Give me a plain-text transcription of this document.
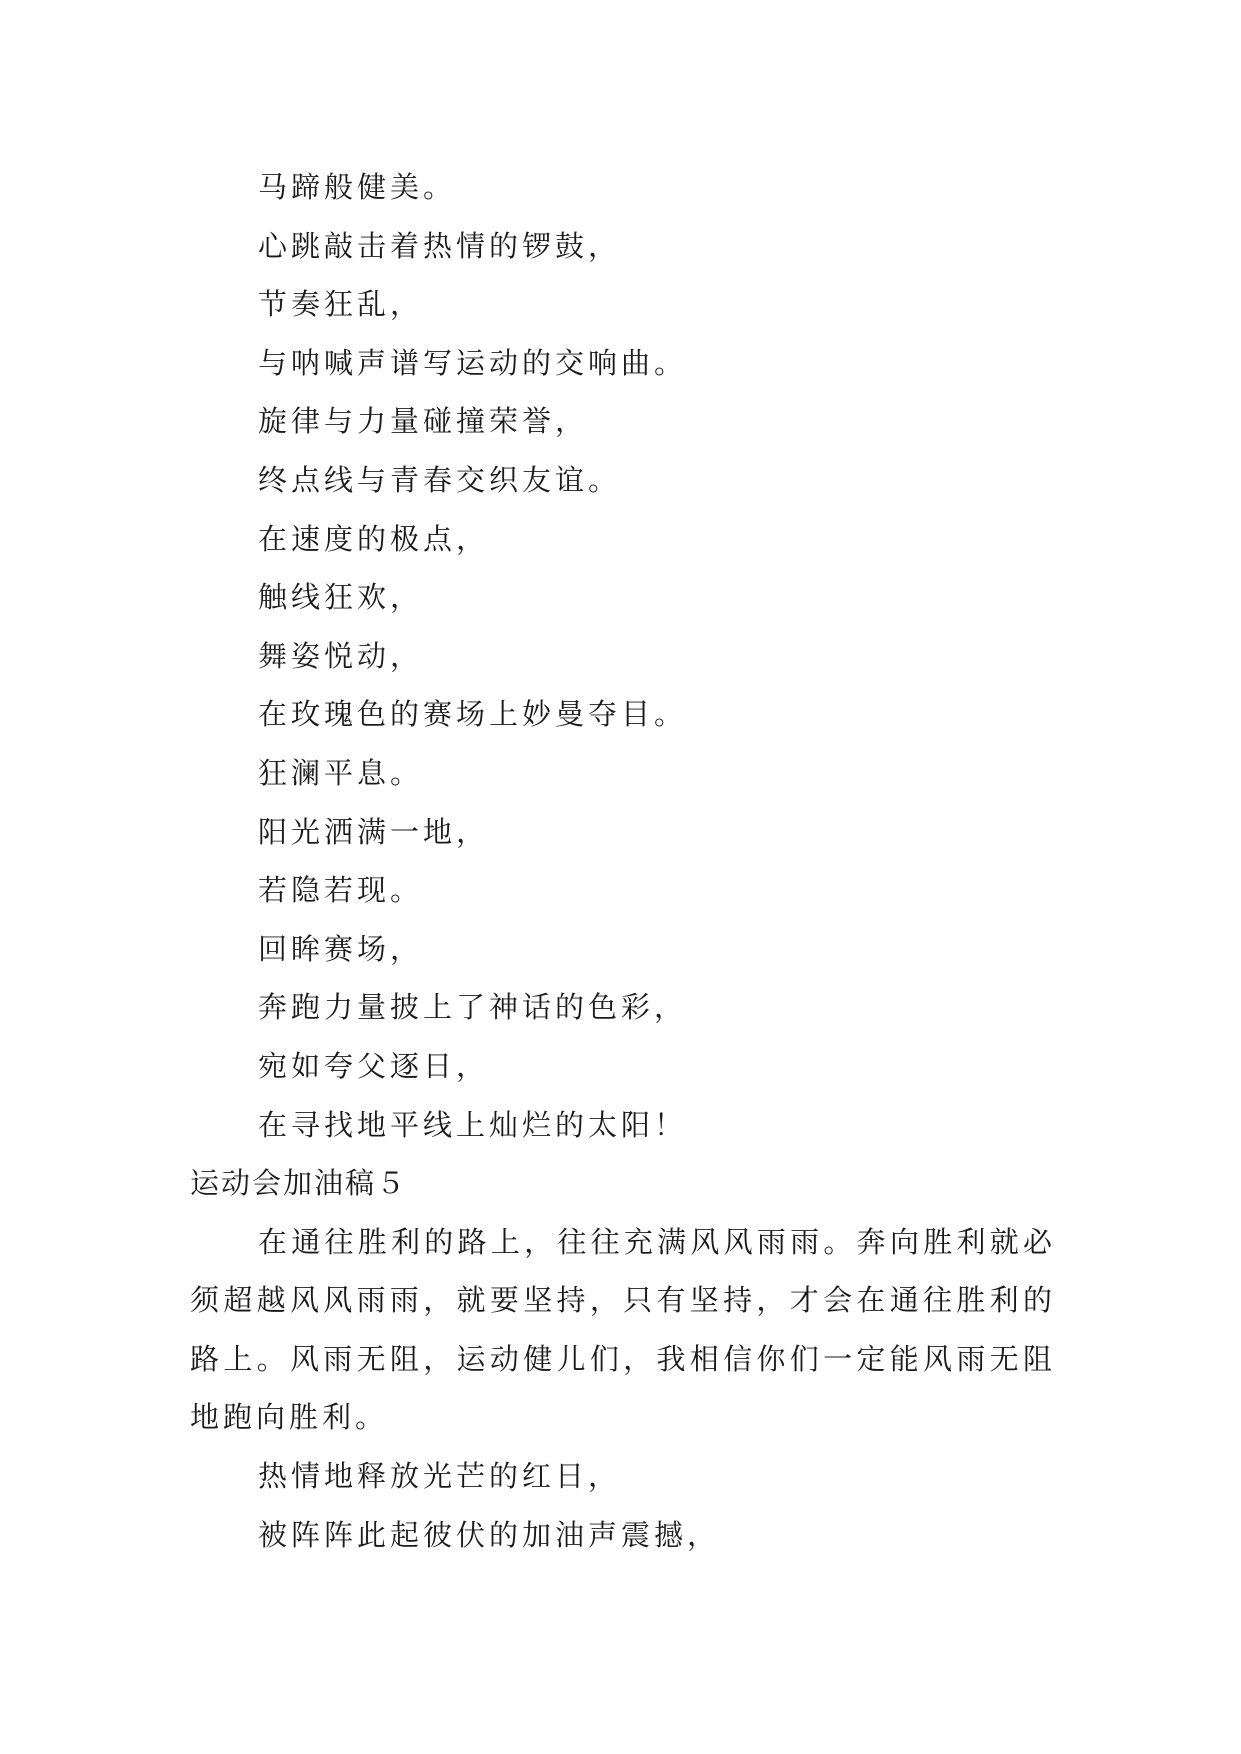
马蹄般健美。
心跳敲击着热情的锣鼓，
节奏狂乱，
与呐喊声谱写运动的交响曲。
旋律与力量碰撞荣誉，
终点线与青春交织友谊。
在速度的极点，
触线狂欢，
舞姿悦动，
在玫瑰色的赛场上妙曼夺目。
狂澜平息。
阳光洒满一地，
若隐若现。
回眸赛场，
奔跑力量披上了神话的色彩，
宛如夸父逐日，
在寻找地平线上灿烂的太阳！
运动会加油稿５

在通往胜利的路上，往往充满风风雨雨。奔向胜利就必须超越风风雨雨，就要坚持，只有坚持，才会在通往胜利的路上。风雨无阻，运动健儿们，我相信你们一定能风雨无阻地跑向胜利。

热情地释放光芒的红日，
被阵阵此起彼伏的加油声震撼，
